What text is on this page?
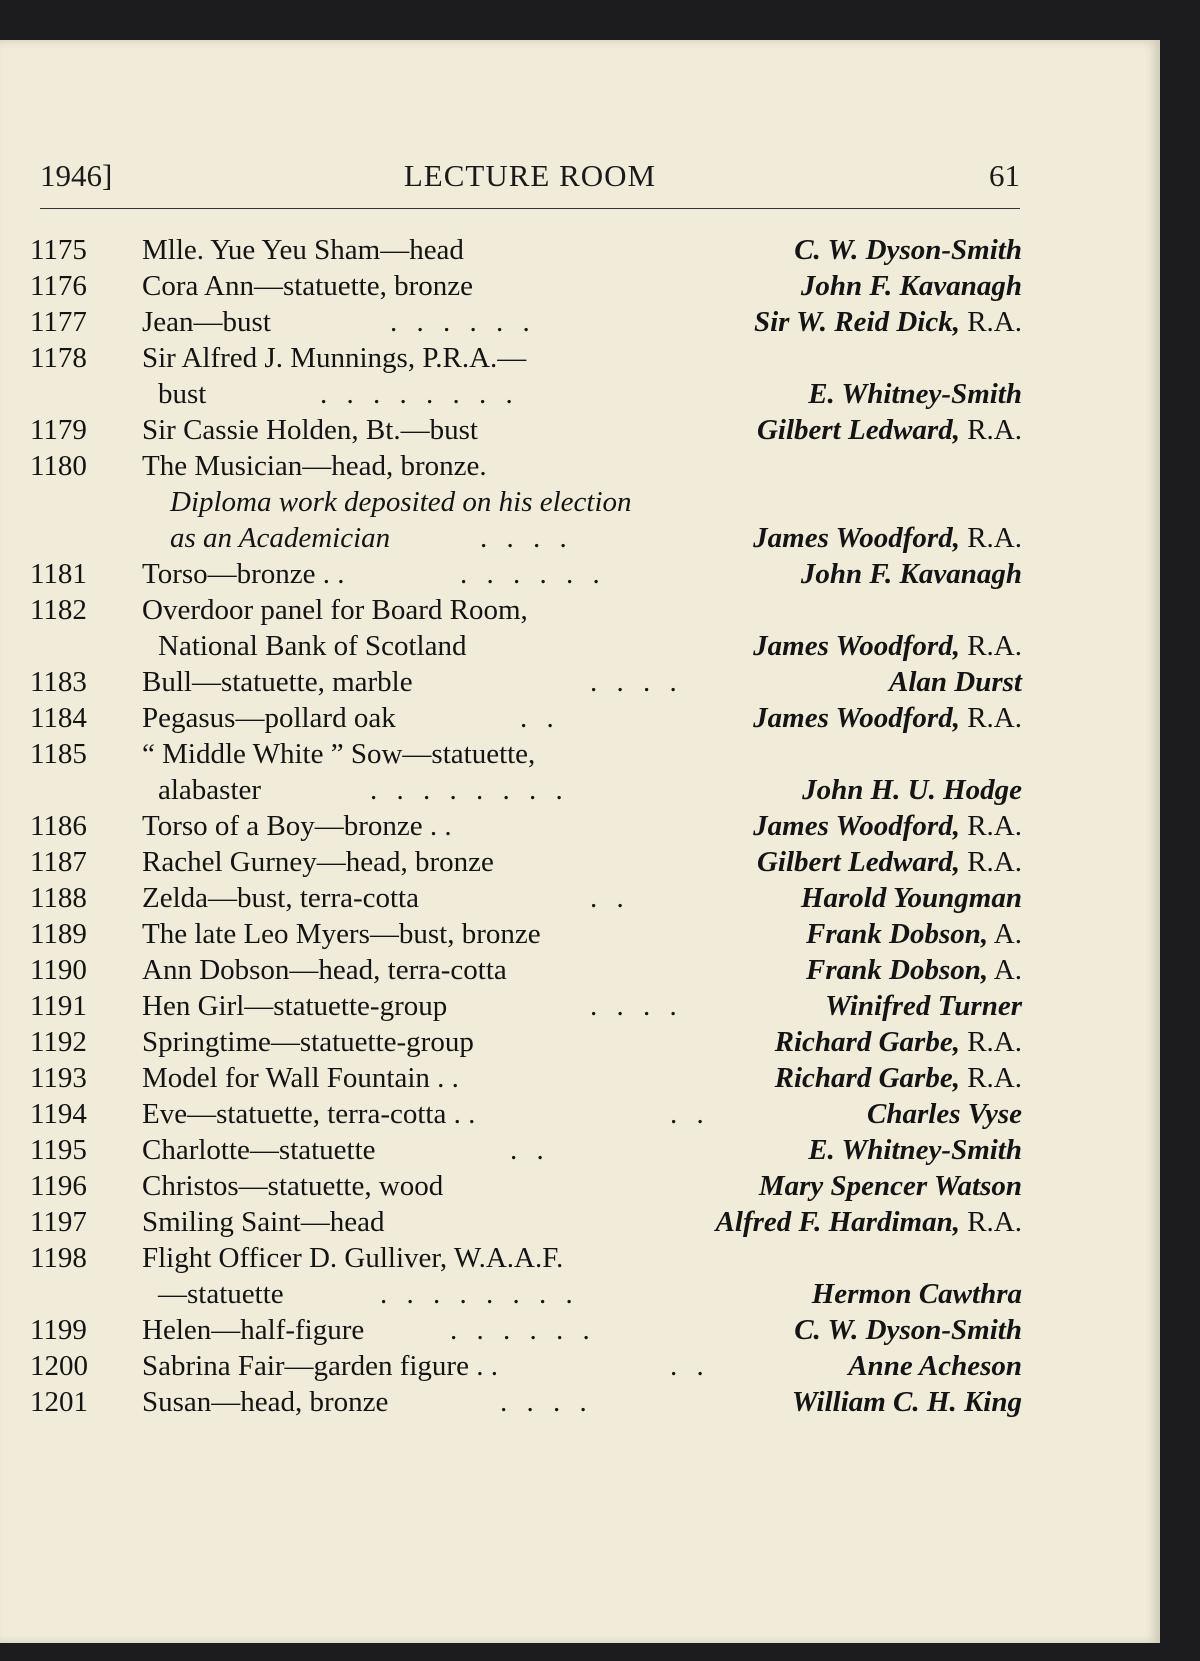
1946]	LECTURE ROOM	61
1175	Mlle. Yue Yeu Sham—head	C. W. Dyson-Smith
1176	Cora Ann—statuette, bronze	John F. Kavanagh
1177	Jean—bust	. . . . . .	Sir W. Reid Dick, R.A.
1178	Sir Alfred J. Munnings, P.R.A.—
bust	. . . . . . . .	E. Whitney-Smith
1179	Sir Cassie Holden, Bt.—bust	Gilbert Ledward, R.A.
1180	The Musician—head, bronze.
Diploma work deposited on his election
as an Academician	. . . .	James Woodford, R.A.
1181	Torso—bronze . .	. . . . . .	John F. Kavanagh
1182	Overdoor panel for Board Room,
National Bank of Scotland	James Woodford, R.A.
1183	Bull—statuette, marble	. . . .	Alan Durst
1184	Pegasus—pollard oak	. .	James Woodford, R.A.
1185	“ Middle White ” Sow—statuette,
alabaster	. . . . . . . .	John H. U. Hodge
1186	Torso of a Boy—bronze . .	James Woodford, R.A.
1187	Rachel Gurney—head, bronze	Gilbert Ledward, R.A.
1188	Zelda—bust, terra-cotta	. .	Harold Youngman
1189	The late Leo Myers—bust, bronze	Frank Dobson, A.
1190	Ann Dobson—head, terra-cotta	Frank Dobson, A.
1191	Hen Girl—statuette-group	. . . .	Winifred Turner
1192	Springtime—statuette-group	Richard Garbe, R.A.
1193	Model for Wall Fountain . .	Richard Garbe, R.A.
1194	Eve—statuette, terra-cotta . .	. .	Charles Vyse
1195	Charlotte—statuette	. .	E. Whitney-Smith
1196	Christos—statuette, wood	Mary Spencer Watson
1197	Smiling Saint—head	Alfred F. Hardiman, R.A.
1198	Flight Officer D. Gulliver, W.A.A.F.
—statuette	. . . . . . . .	Hermon Cawthra
1199	Helen—half-figure	. . . . . .	C. W. Dyson-Smith
1200	Sabrina Fair—garden figure . .	. .	Anne Acheson
1201	Susan—head, bronze	. . . .	William C. H. King
